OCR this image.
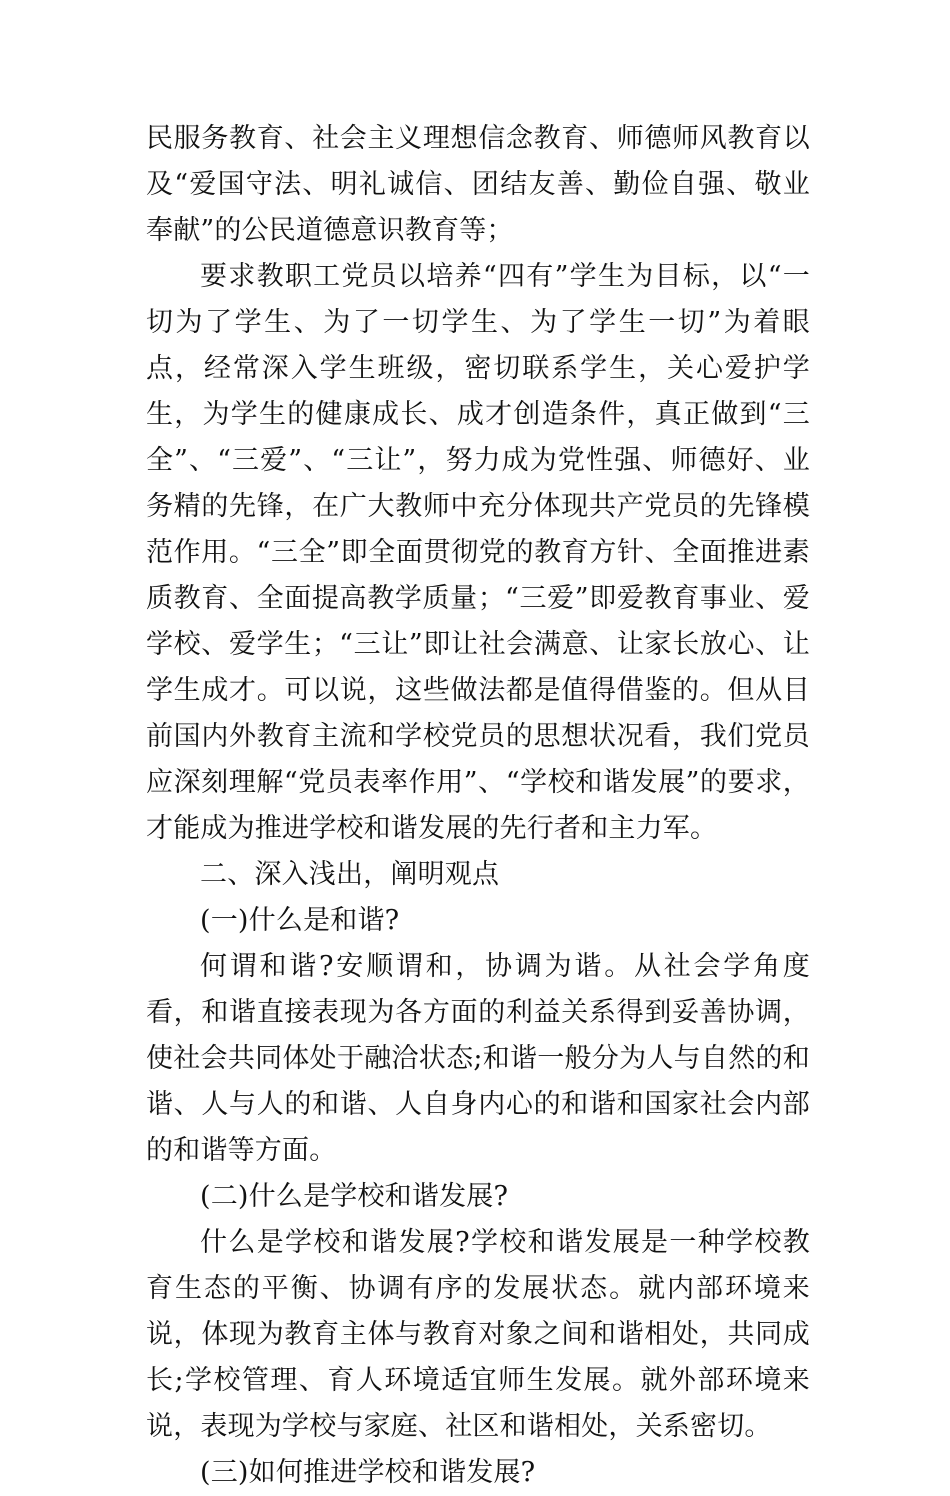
民服务教育、社会主义理想信念教育、师德师风教育以及“爱国守法、明礼诚信、团结友善、勤俭自强、敬业奉献”的公民道德意识教育等；

要求教职工党员以培养“四有”学生为目标，以“一切为了学生、为了一切学生、为了学生一切”为着眼点，经常深入学生班级，密切联系学生，关心爱护学生，为学生的健康成长、成才创造条件，真正做到“三全”、“三爱”、“三让”，努力成为党性强、师德好、业务精的先锋，在广大教师中充分体现共产党员的先锋模范作用。“三全”即全面贯彻党的教育方针、全面推进素质教育、全面提高教学质量；“三爱”即爱教育事业、爱学校、爱学生；“三让”即让社会满意、让家长放心、让学生成才。可以说，这些做法都是值得借鉴的。但从目前国内外教育主流和学校党员的思想状况看，我们党员应深刻理解“党员表率作用”、“学校和谐发展”的要求，才能成为推进学校和谐发展的先行者和主力军。

二、深入浅出，阐明观点

(一)什么是和谐?

何谓和谐?安顺谓和，协调为谐。从社会学角度看，和谐直接表现为各方面的利益关系得到妥善协调，使社会共同体处于融洽状态;和谐一般分为人与自然的和谐、人与人的和谐、人自身内心的和谐和国家社会内部的和谐等方面。

(二)什么是学校和谐发展?

什么是学校和谐发展?学校和谐发展是一种学校教育生态的平衡、协调有序的发展状态。就内部环境来说，体现为教育主体与教育对象之间和谐相处，共同成长;学校管理、育人环境适宜师生发展。就外部环境来说，表现为学校与家庭、社区和谐相处，关系密切。

(三)如何推进学校和谐发展?
